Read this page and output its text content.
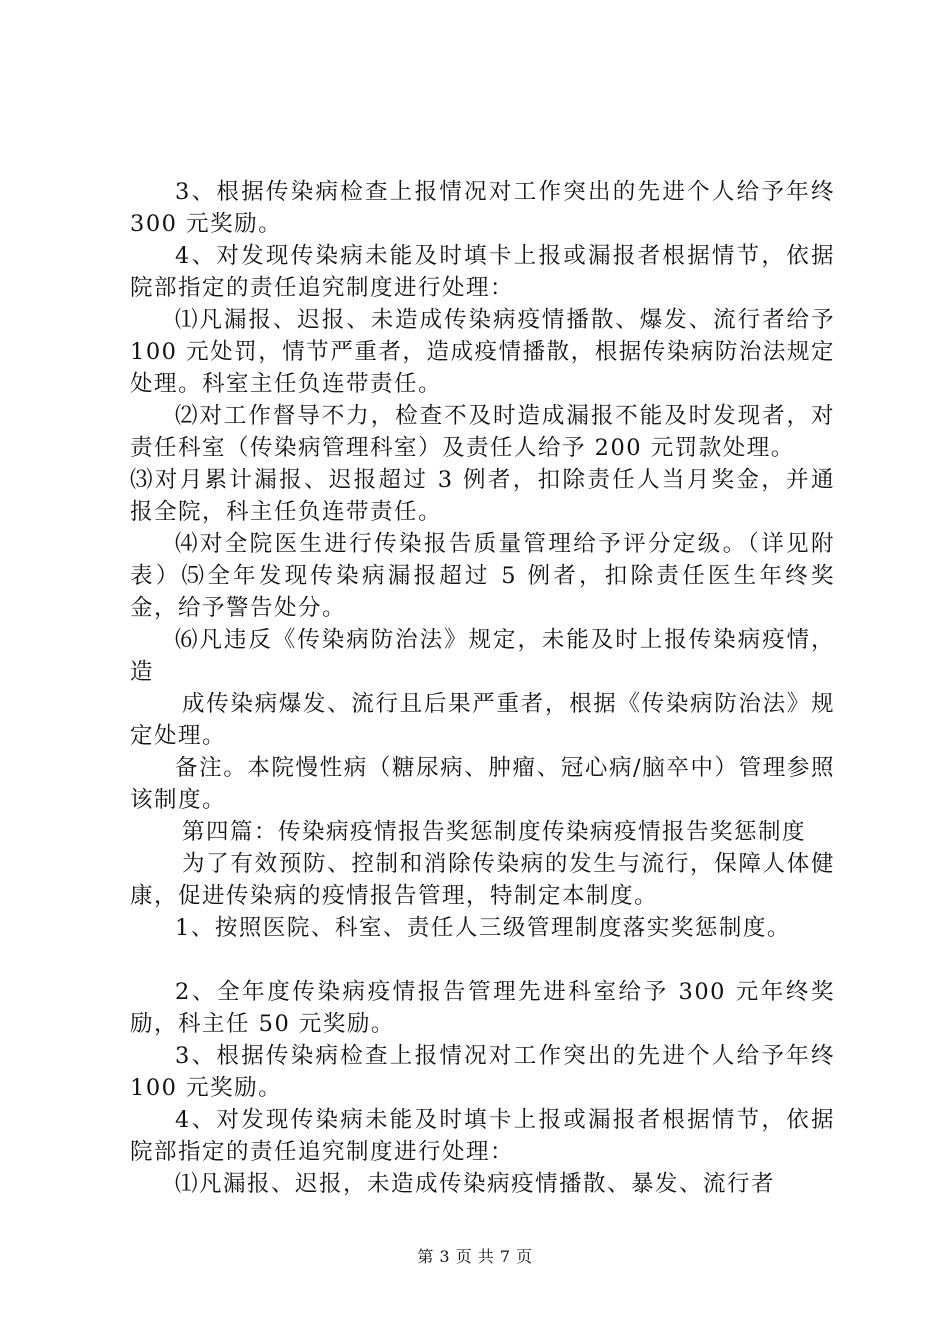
3、根据传染病检查上报情况对工作突出的先进个人给予年终 300 元奖励。

4、对发现传染病未能及时填卡上报或漏报者根据情节，依据院部指定的责任追究制度进行处理：

⑴凡漏报、迟报、未造成传染病疫情播散、爆发、流行者给予 100 元处罚，情节严重者，造成疫情播散，根据传染病防治法规定处理。科室主任负连带责任。

⑵对工作督导不力，检查不及时造成漏报不能及时发现者，对责任科室（传染病管理科室）及责任人给予 200 元罚款处理。

⑶对月累计漏报、迟报超过 3 例者，扣除责任人当月奖金，并通报全院，科主任负连带责任。

⑷对全院医生进行传染报告质量管理给予评分定级。（详见附表）⑸全年发现传染病漏报超过 5 例者，扣除责任医生年终奖金，给予警告处分。

⑹凡违反《传染病防治法》规定，未能及时上报传染病疫情，造

成传染病爆发、流行且后果严重者，根据《传染病防治法》规定处理。

备注。本院慢性病（糖尿病、肿瘤、冠心病/脑卒中）管理参照该制度。

第四篇：传染病疫情报告奖惩制度传染病疫情报告奖惩制度

为了有效预防、控制和消除传染病的发生与流行，保障人体健康，促进传染病的疫情报告管理，特制定本制度。

1、按照医院、科室、责任人三级管理制度落实奖惩制度。

2、全年度传染病疫情报告管理先进科室给予 300 元年终奖励，科主任 50 元奖励。

3、根据传染病检查上报情况对工作突出的先进个人给予年终 100 元奖励。

4、对发现传染病未能及时填卡上报或漏报者根据情节，依据院部指定的责任追究制度进行处理：

⑴凡漏报、迟报，未造成传染病疫情播散、暴发、流行者

第 3 页 共 7 页
